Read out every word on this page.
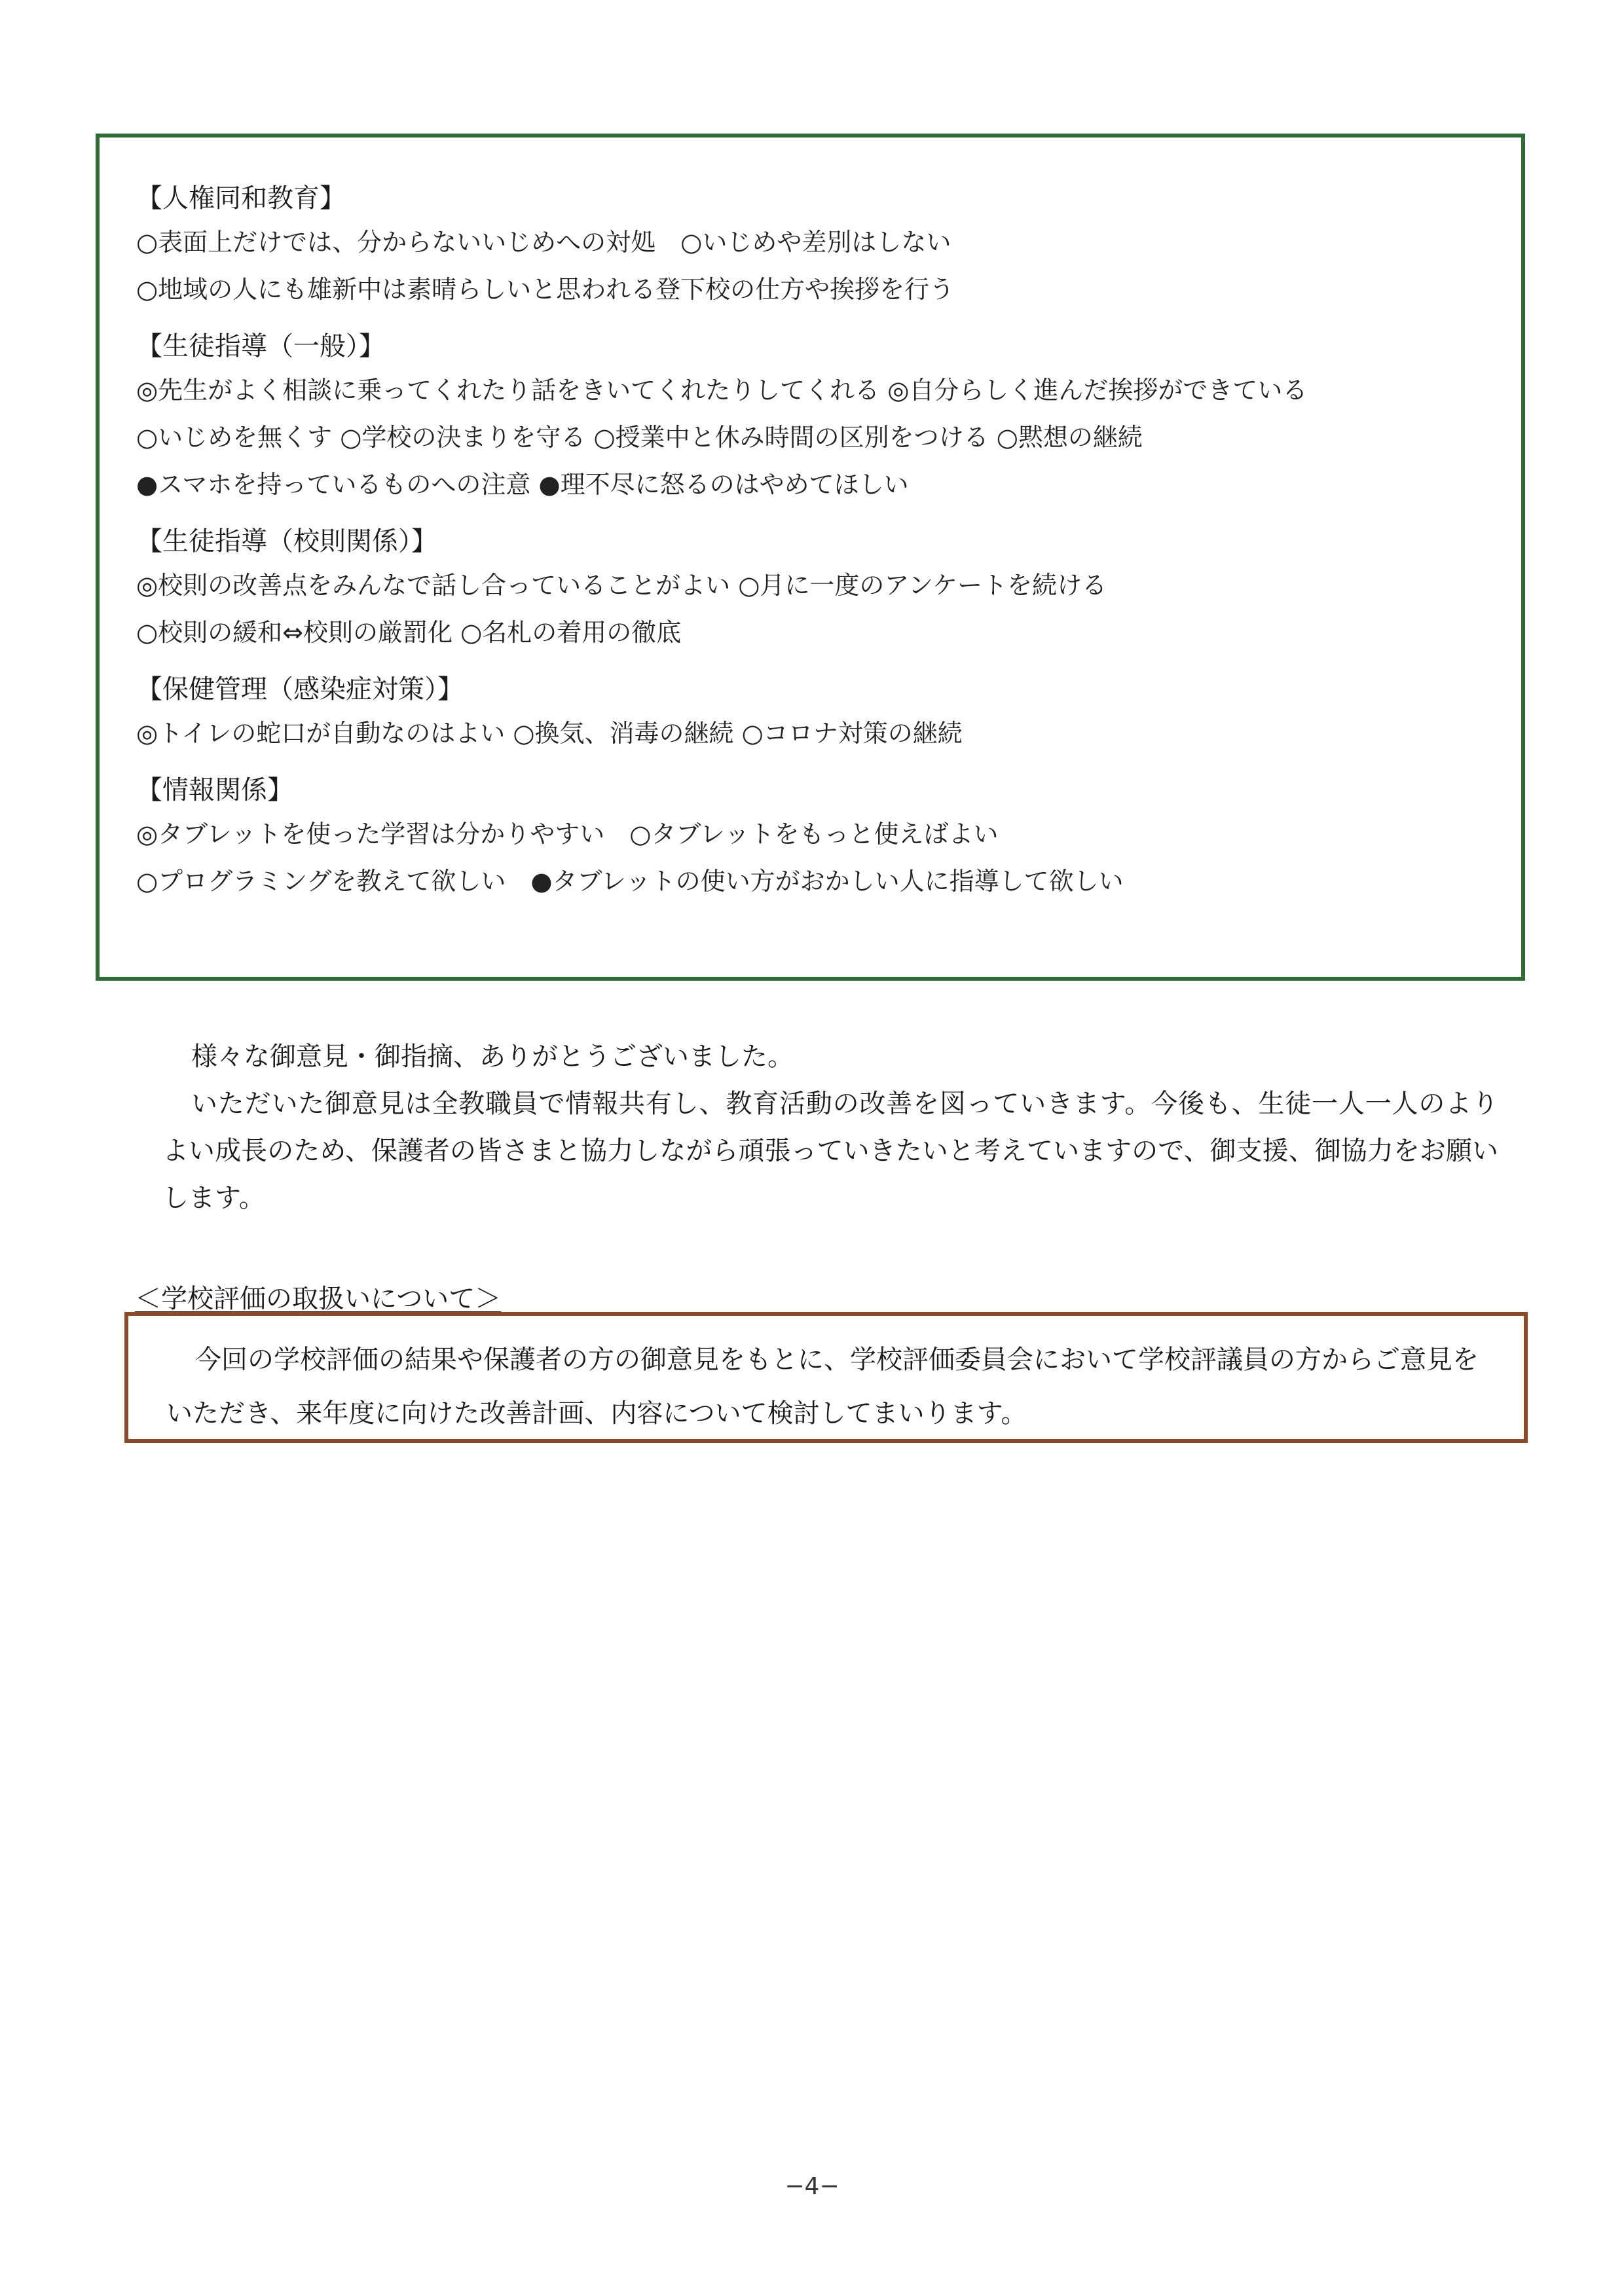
【人権同和教育】

○表面上だけでは、分からないいじめへの対処　○いじめや差別はしない

○地域の人にも雄新中は素晴らしいと思われる登下校の仕方や挨拶を行う

【生徒指導（一般）】

◎先生がよく相談に乗ってくれたり話をきいてくれたりしてくれる ◎自分らしく進んだ挨拶ができている

○いじめを無くす ○学校の決まりを守る ○授業中と休み時間の区別をつける ○黙想の継続

●スマホを持っているものへの注意 ●理不尽に怒るのはやめてほしい

【生徒指導（校則関係）】

◎校則の改善点をみんなで話し合っていることがよい ○月に一度のアンケートを続ける

○校則の緩和⇔校則の厳罰化 ○名札の着用の徹底

【保健管理（感染症対策）】

◎トイレの蛇口が自動なのはよい ○換気、消毒の継続 ○コロナ対策の継続

【情報関係】

◎タブレットを使った学習は分かりやすい　○タブレットをもっと使えばよい

○プログラミングを教えて欲しい　●タブレットの使い方がおかしい人に指導して欲しい

様々な御意見・御指摘、ありがとうございました。

いただいた御意見は全教職員で情報共有し、教育活動の改善を図っていきます。今後も、生徒一人一人のよりよい成長のため、保護者の皆さまと協力しながら頑張っていきたいと考えていますので、御支援、御協力をお願いします。

＜学校評価の取扱いについて＞

今回の学校評価の結果や保護者の方の御意見をもとに、学校評価委員会において学校評議員の方からご意見をいただき、来年度に向けた改善計画、内容について検討してまいります。

−4−
